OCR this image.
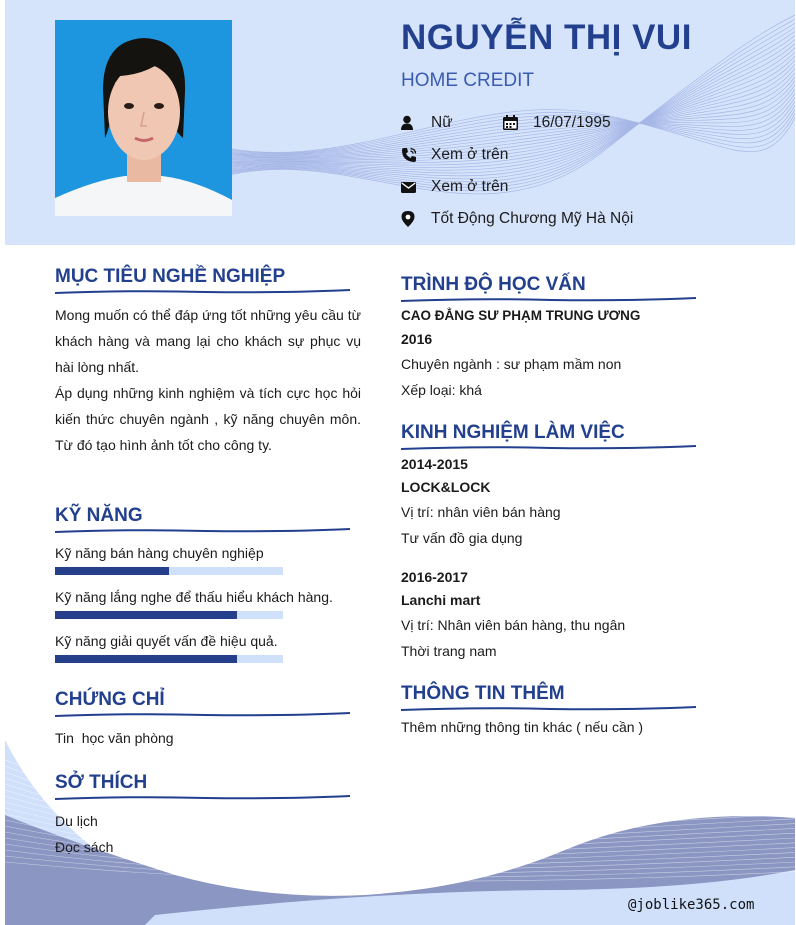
NGUYỄN THỊ VUI
HOME CREDIT
Nữ	16/07/1995
Xem ở trên
Xem ở trên
Tốt Động Chương Mỹ Hà Nội
MỤC TIÊU NGHỀ NGHIỆP
Mong muốn có thể đáp ứng tốt những yêu cầu từ khách hàng và mang lại cho khách sự phục vụ hài lòng nhất.
Áp dụng những kinh nghiệm và tích cực học hỏi kiến thức chuyên ngành , kỹ năng chuyên môn. Từ đó tạo hình ảnh tốt cho công ty.
KỸ NĂNG
Kỹ năng bán hàng chuyên nghiệp
Kỹ năng lắng nghe để thấu hiểu khách hàng.
Kỹ năng giải quyết vấn đề hiệu quả.
CHỨNG CHỈ
Tin  học văn phòng
SỞ THÍCH
Du lịch
Đọc sách
TRÌNH ĐỘ HỌC VẤN
CAO ĐẲNG SƯ PHẠM TRUNG ƯƠNG
2016
Chuyên ngành : sư phạm mầm non
Xếp loại: khá
KINH NGHIỆM LÀM VIỆC
2014-2015
LOCK&LOCK
Vị trí: nhân viên bán hàng
Tư vấn đồ gia dụng
2016-2017
Lanchi mart
Vị trí: Nhân viên bán hàng, thu ngân
Thời trang nam
THÔNG TIN THÊM
Thêm những thông tin khác ( nếu cần )
@joblike365.com
